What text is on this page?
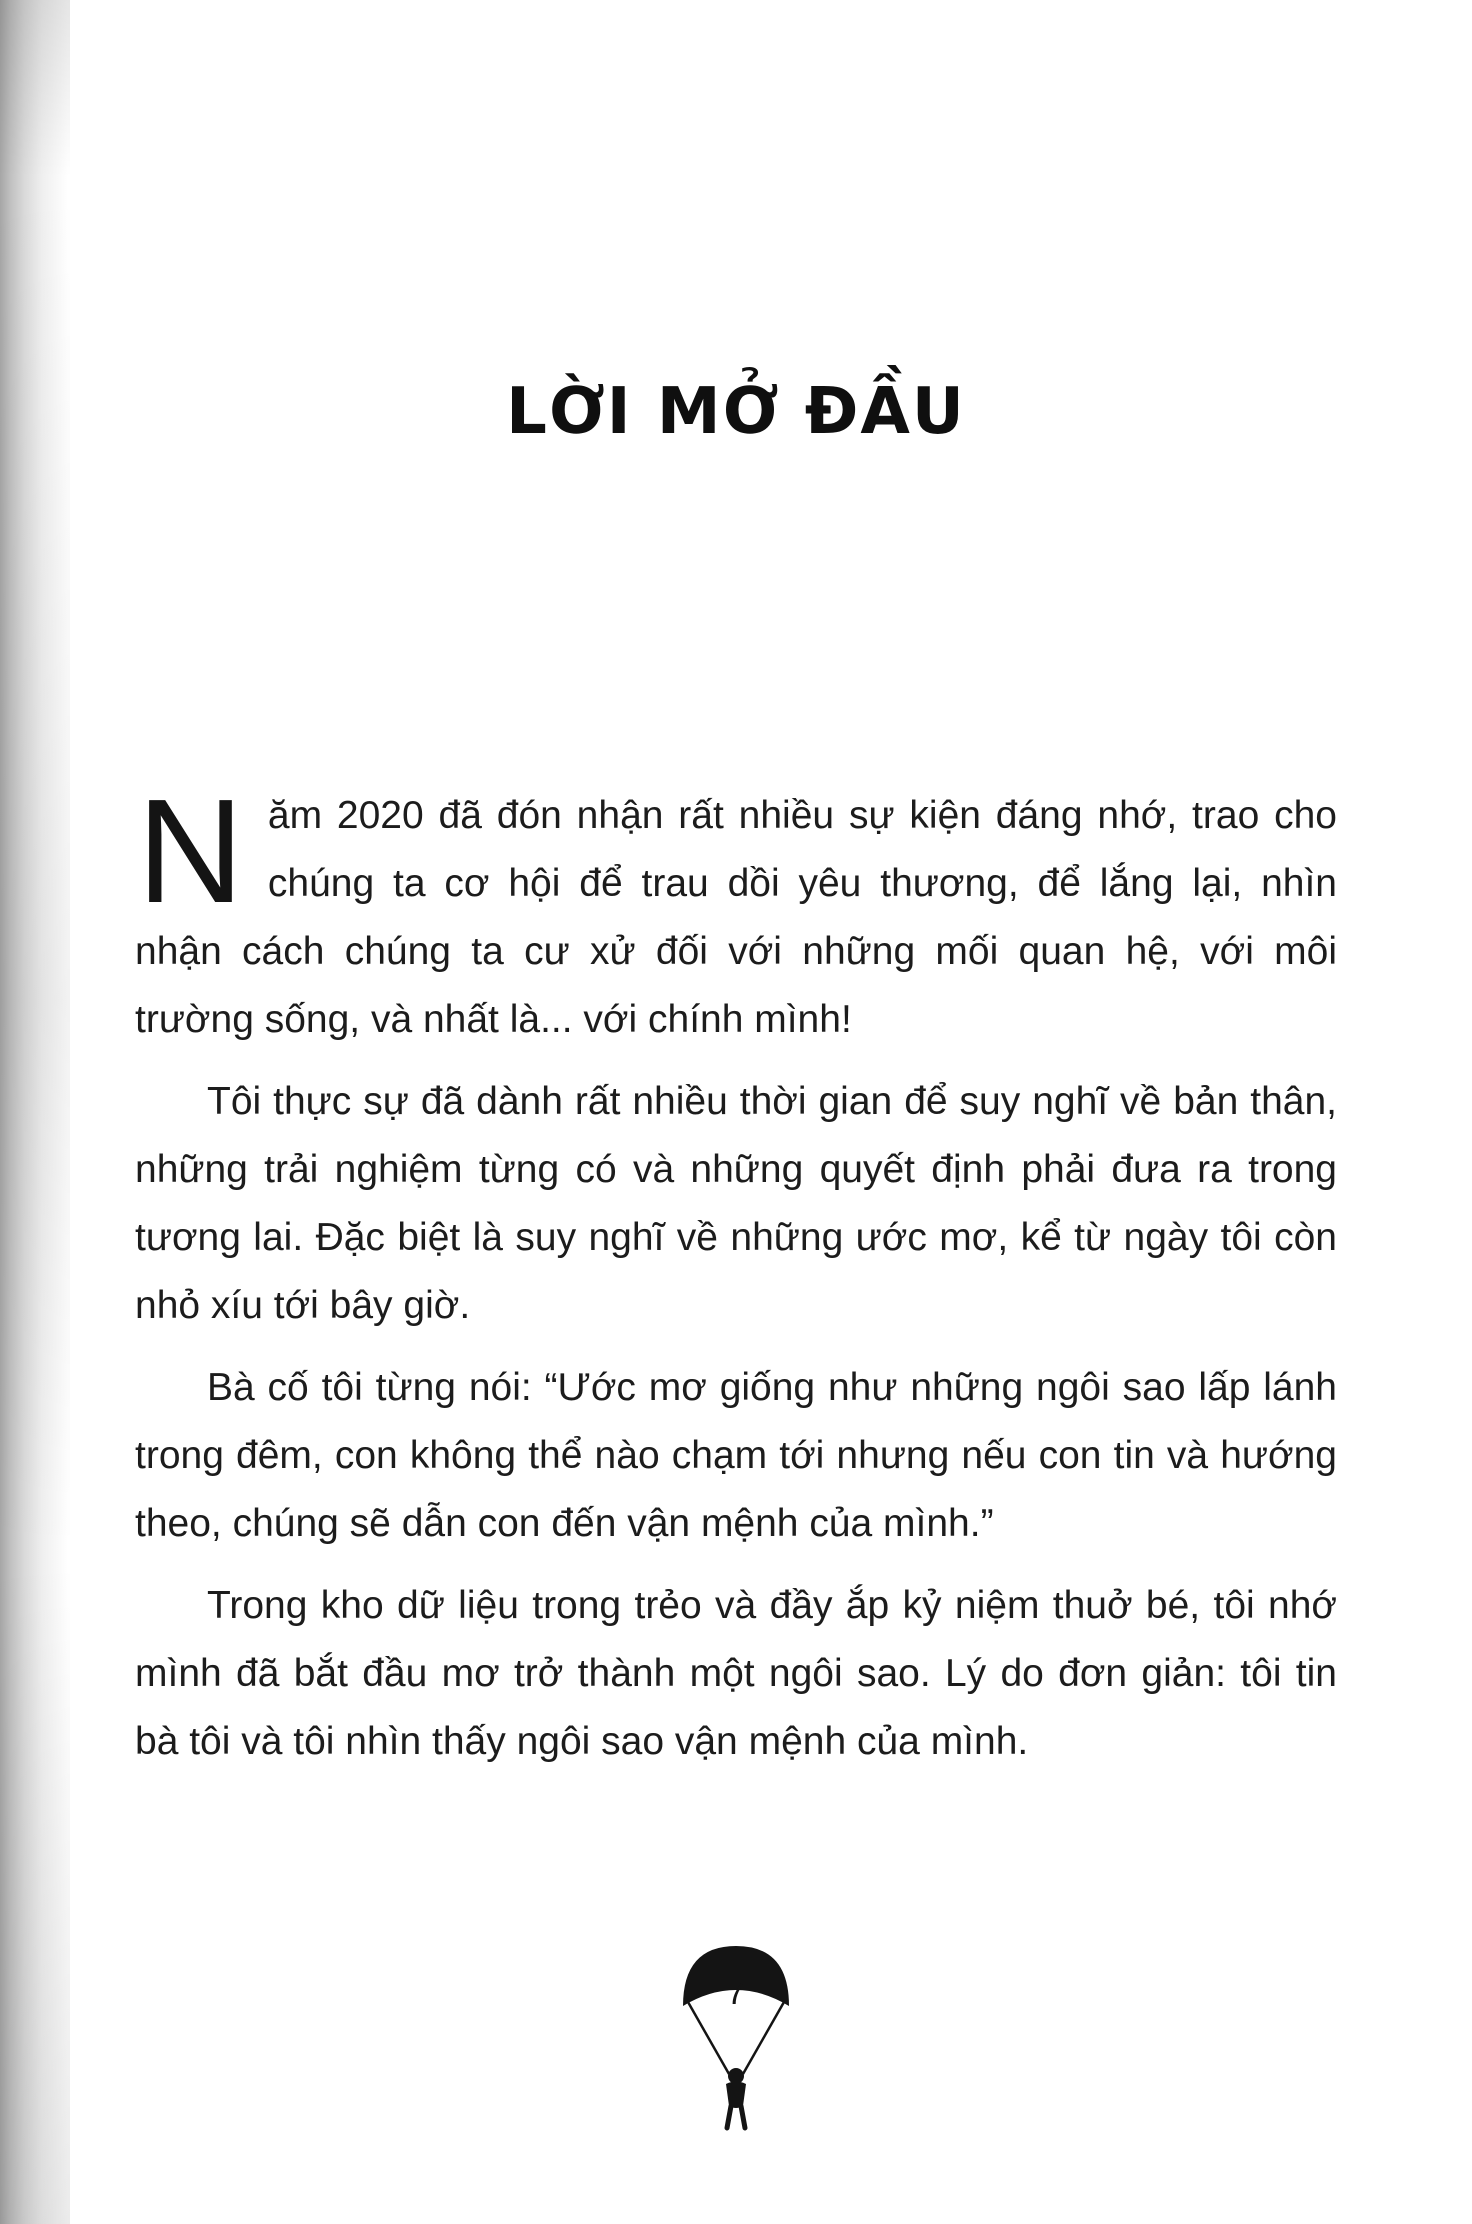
LỜI MỞ ĐẦU

Năm 2020 đã đón nhận rất nhiều sự kiện đáng nhớ, trao cho chúng ta cơ hội để trau dồi yêu thương, để lắng lại, nhìn nhận cách chúng ta cư xử đối với những mối quan hệ, với môi trường sống, và nhất là... với chính mình!

Tôi thực sự đã dành rất nhiều thời gian để suy nghĩ về bản thân, những trải nghiệm từng có và những quyết định phải đưa ra trong tương lai. Đặc biệt là suy nghĩ về những ước mơ, kể từ ngày tôi còn nhỏ xíu tới bây giờ.

Bà cố tôi từng nói: “Ước mơ giống như những ngôi sao lấp lánh trong đêm, con không thể nào chạm tới nhưng nếu con tin và hướng theo, chúng sẽ dẫn con đến vận mệnh của mình.”

Trong kho dữ liệu trong trẻo và đầy ắp kỷ niệm thuở bé, tôi nhớ mình đã bắt đầu mơ trở thành một ngôi sao. Lý do đơn giản: tôi tin bà tôi và tôi nhìn thấy ngôi sao vận mệnh của mình.

7
